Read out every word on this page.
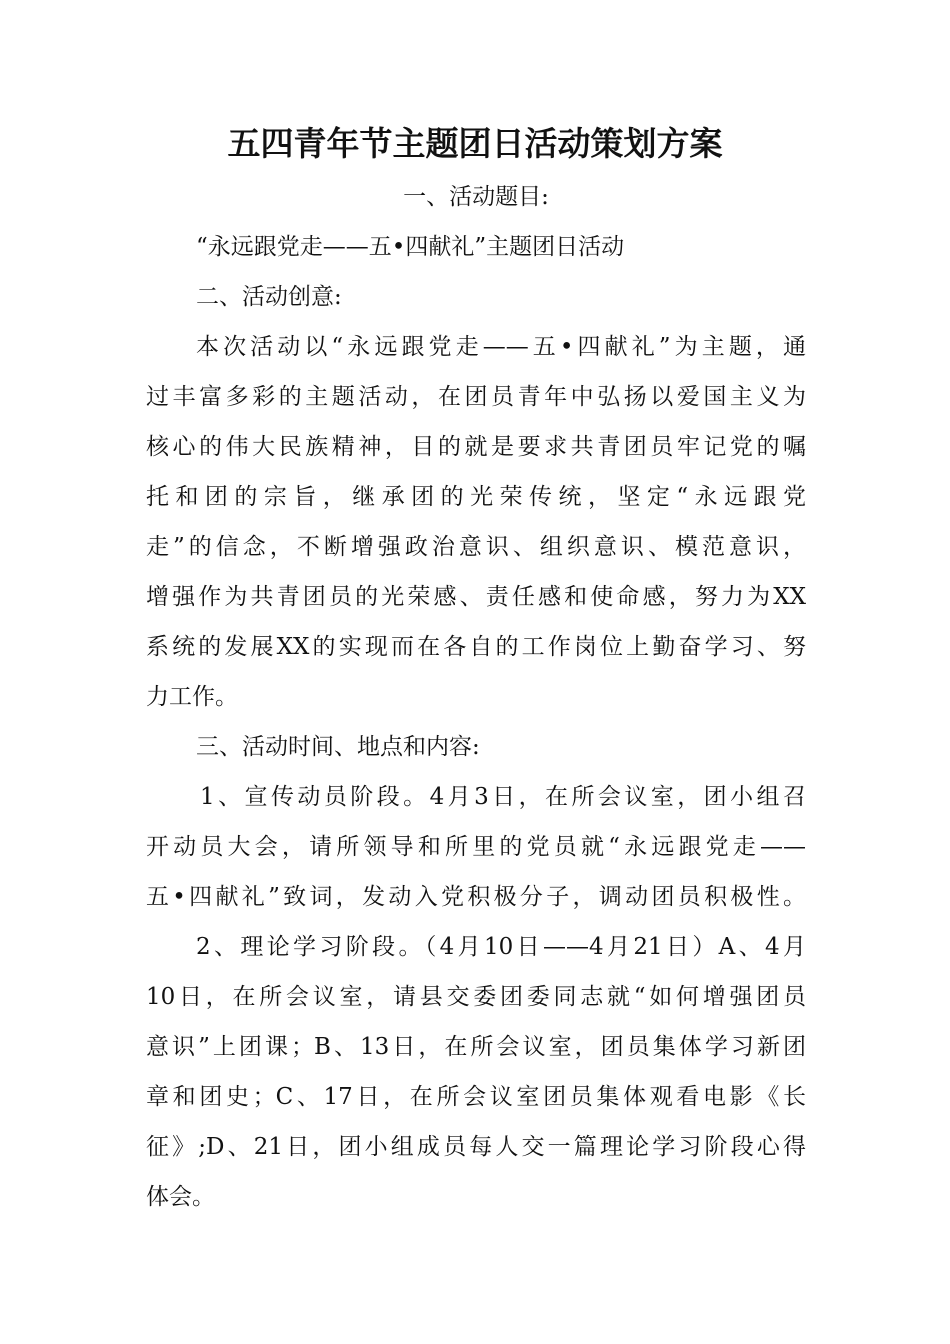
五四青年节主题团日活动策划方案
一、活动题目:
“永远跟党走——五•四献礼”主题团日活动
二、活动创意:
本次活动以“永远跟党走——五•四献礼”为主题，通
过丰富多彩的主题活动，在团员青年中弘扬以爱国主义为
核心的伟大民族精神，目的就是要求共青团员牢记党的嘱
托和团的宗旨，继承团的光荣传统，坚定“永远跟党
走”的信念，不断增强政治意识、组织意识、模范意识，
增强作为共青团员的光荣感、责任感和使命感，努力为XX
系统的发展XX的实现而在各自的工作岗位上勤奋学习、努
力工作。
三、活动时间、地点和内容:
1、宣传动员阶段。4月3日，在所会议室，团小组召
开动员大会，请所领导和所里的党员就“永远跟党走——
五•四献礼”致词，发动入党积极分子，调动团员积极性。
2、理论学习阶段。（4月10日——4月21日）A、4月
10日，在所会议室，请县交委团委同志就“如何增强团员
意识”上团课；B、13日，在所会议室，团员集体学习新团
章和团史；C、17日，在所会议室团员集体观看电影《长
征》;D、21日，团小组成员每人交一篇理论学习阶段心得
体会。
